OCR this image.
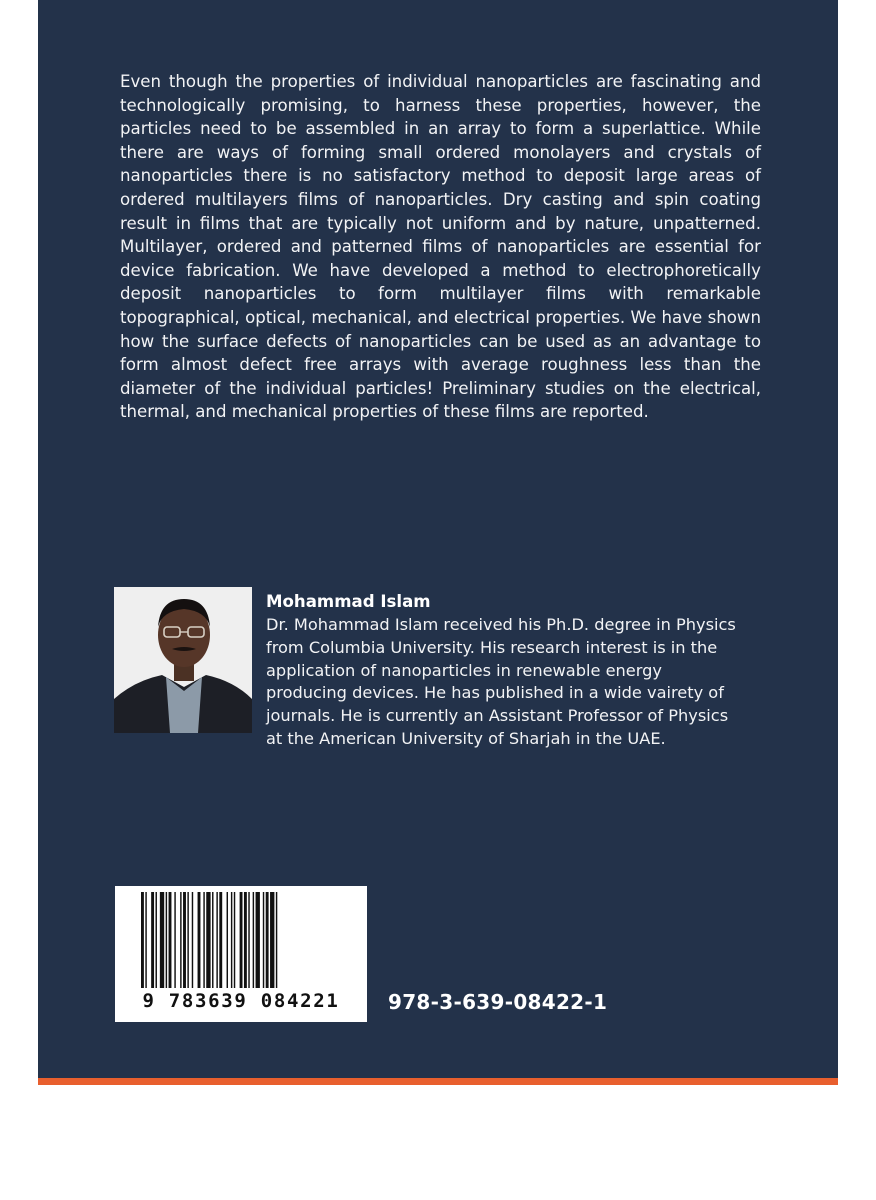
Even though the properties of individual nanoparticles are fascinating and technologically promising, to harness these properties, however, the particles need to be assembled in an array to form a superlattice. While there are ways of forming small ordered monolayers and crystals of nanoparticles there is no satisfactory method to deposit large areas of ordered multilayers films of nanoparticles. Dry casting and spin coating result in films that are typically not uniform and by nature, unpatterned. Multilayer, ordered and patterned films of nanoparticles are essential for device fabrication. We have developed a method to electrophoretically deposit nanoparticles to form multilayer films with remarkable topographical, optical, mechanical, and electrical properties. We have shown how the surface defects of nanoparticles can be used as an advantage to form almost defect free arrays with average roughness less than the diameter of the individual particles! Preliminary studies on the electrical, thermal, and mechanical properties of these films are reported.

Mohammad Islam

Dr. Mohammad Islam received his Ph.D. degree in Physics from Columbia University. His research interest is in the application of nanoparticles in renewable energy producing devices. He has published in a wide vairety of journals. He is currently an Assistant Professor of Physics at the American University of Sharjah in the UAE.

9 783639 084221	978-3-639-08422-1
